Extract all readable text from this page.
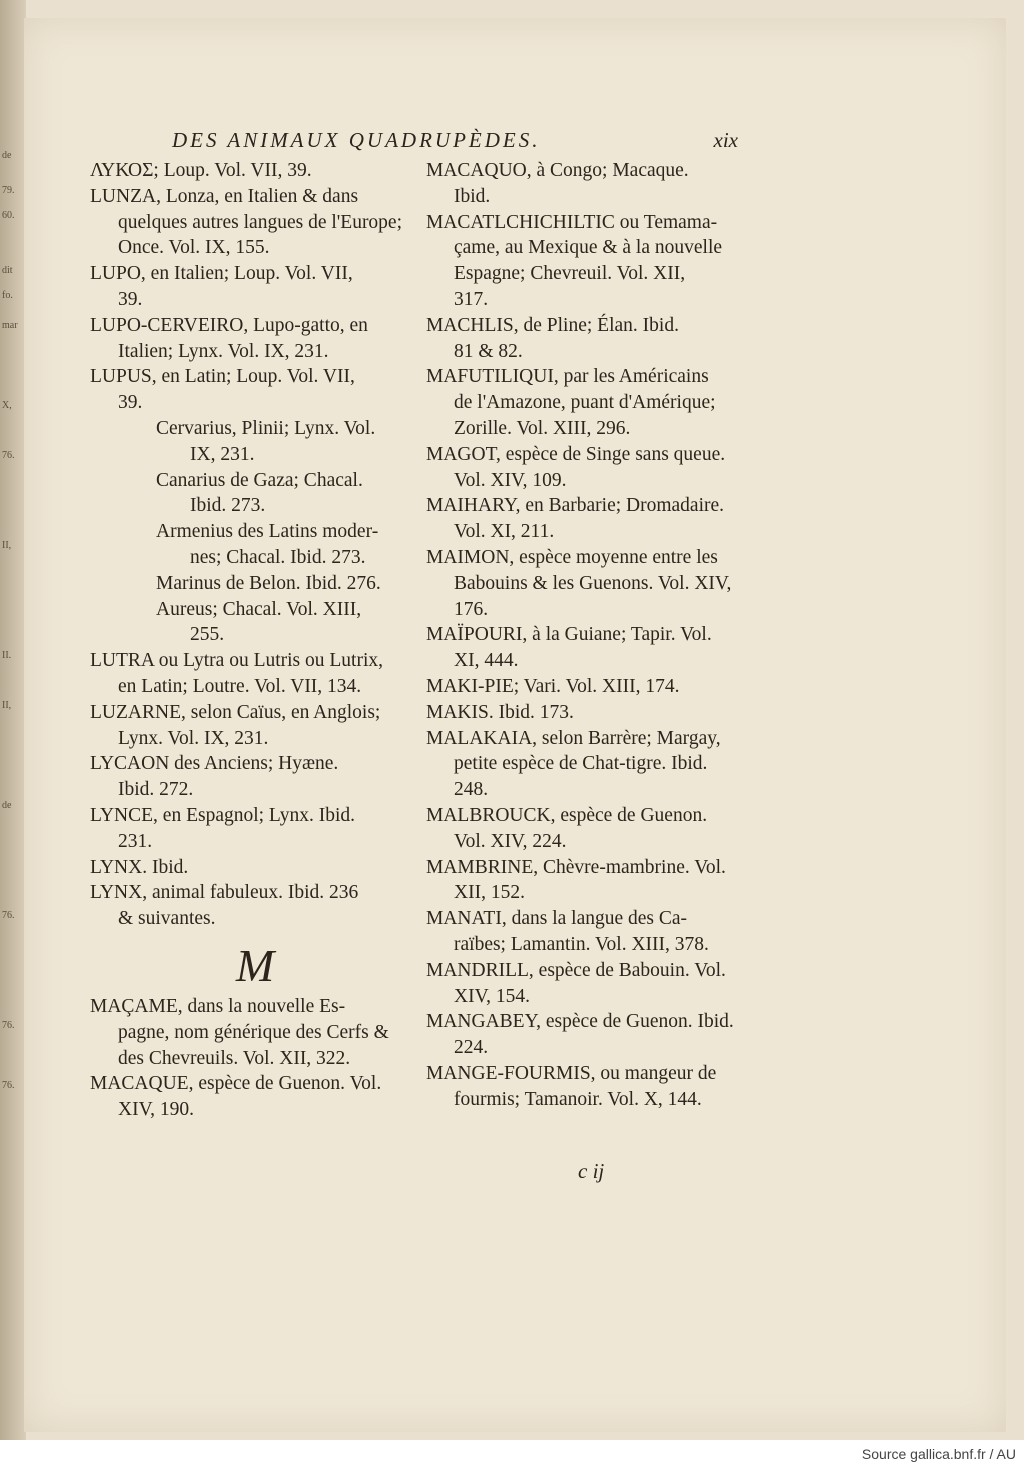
de
79.
60.
dit
fo.
mar
X,
76.
II,
II.
II,
de
76.
76.
76.
DES ANIMAUX QUADRUPÈDES.	xix
ΛΥΚΟΣ; Loup. Vol. VII, 39.
LUNZA, Lonza, en Italien & dans
quelques autres langues de l'Europe;
Once. Vol. IX, 155.
LUPO, en Italien; Loup. Vol. VII,
39.
LUPO-CERVEIRO, Lupo-gatto, en
Italien; Lynx. Vol. IX, 231.
LUPUS, en Latin; Loup. Vol. VII,
39.
Cervarius, Plinii; Lynx. Vol.
IX, 231.
Canarius de Gaza; Chacal.
Ibid. 273.
Armenius des Latins moder-
nes; Chacal. Ibid. 273.
Marinus de Belon. Ibid. 276.
Aureus; Chacal. Vol. XIII,
255.
LUTRA ou Lytra ou Lutris ou Lutrix,
en Latin; Loutre. Vol. VII, 134.
LUZARNE, selon Caïus, en Anglois;
Lynx. Vol. IX, 231.
LYCAON des Anciens; Hyæne.
Ibid. 272.
LYNCE, en Espagnol; Lynx. Ibid.
231.
LYNX. Ibid.
LYNX, animal fabuleux. Ibid. 236
& suivantes.
M
MAÇAME, dans la nouvelle Es-
pagne, nom générique des Cerfs &
des Chevreuils. Vol. XII, 322.
MACAQUE, espèce de Guenon. Vol.
XIV, 190.
MACAQUO, à Congo; Macaque.
Ibid.
MACATLCHICHILTIC ou Temama-
çame, au Mexique & à la nouvelle
Espagne; Chevreuil. Vol. XII,
317.
MACHLIS, de Pline; Élan. Ibid.
81 & 82.
MAFUTILIQUI, par les Américains
de l'Amazone, puant d'Amérique;
Zorille. Vol. XIII, 296.
MAGOT, espèce de Singe sans queue.
Vol. XIV, 109.
MAIHARY, en Barbarie; Dromadaire.
Vol. XI, 211.
MAIMON, espèce moyenne entre les
Babouins & les Guenons. Vol. XIV,
176.
MAÏPOURI, à la Guiane; Tapir. Vol.
XI, 444.
MAKI-PIE; Vari. Vol. XIII, 174.
MAKIS. Ibid. 173.
MALAKAIA, selon Barrère; Margay,
petite espèce de Chat-tigre. Ibid.
248.
MALBROUCK, espèce de Guenon.
Vol. XIV, 224.
MAMBRINE, Chèvre-mambrine. Vol.
XII, 152.
MANATI, dans la langue des Ca-
raïbes; Lamantin. Vol. XIII, 378.
MANDRILL, espèce de Babouin. Vol.
XIV, 154.
MANGABEY, espèce de Guenon. Ibid.
224.
MANGE-FOURMIS, ou mangeur de
fourmis; Tamanoir. Vol. X, 144.
c ij
Source gallica.bnf.fr / AU
